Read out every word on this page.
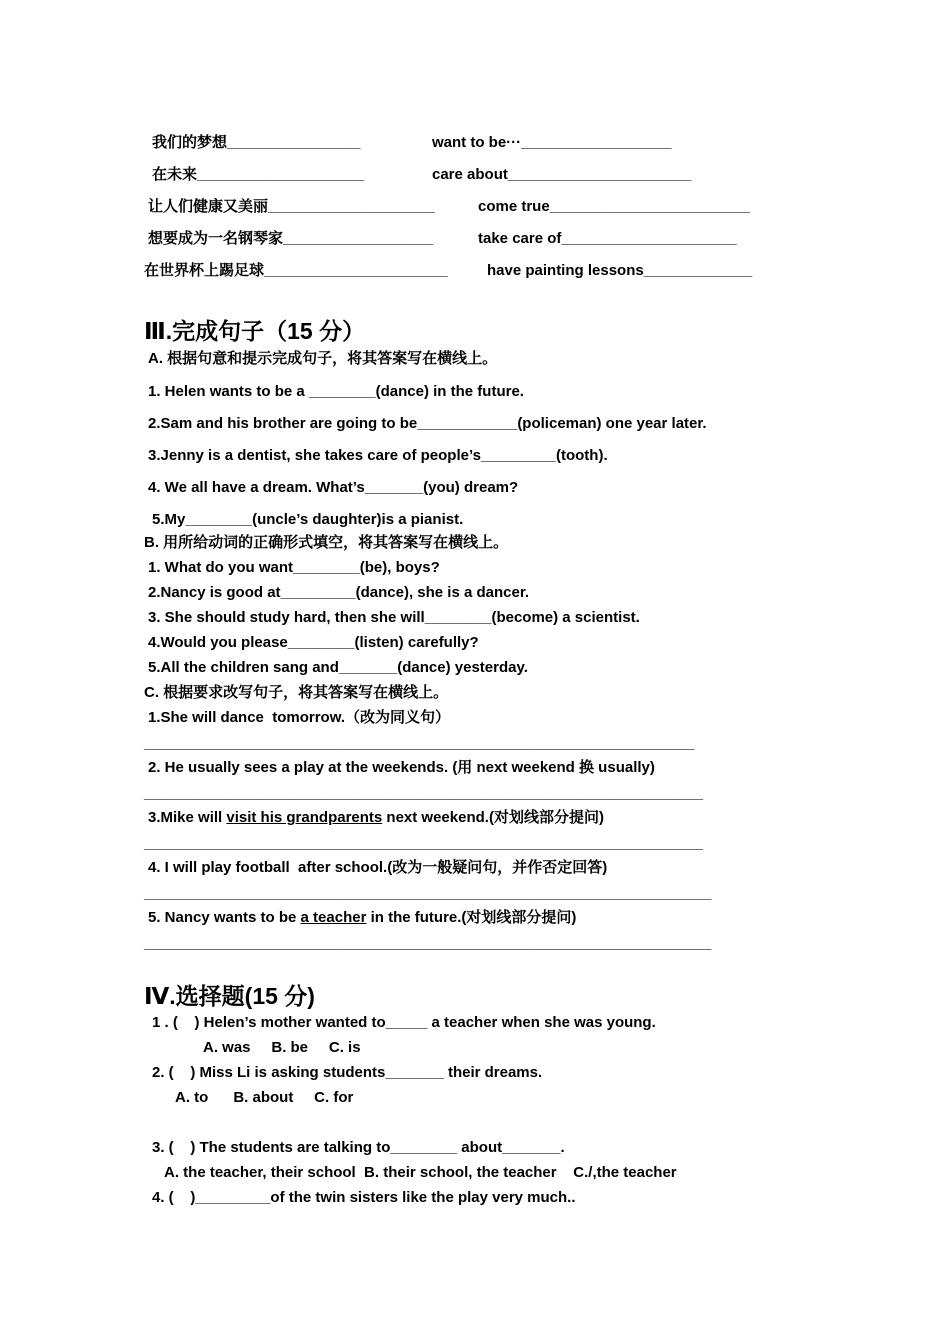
我们的梦想________________	want to be···__________________
在未来____________________	care about______________________
让人们健康又美丽____________________	come true________________________
想要成为一名钢琴家__________________	take care of_____________________
在世界杯上踢足球______________________	have painting lessons_____________
Ⅲ.完成句子（15 分）
A. 根据句意和提示完成句子，将其答案写在横线上。
1. Helen wants to be a ________(dance) in the future.
2.Sam and his brother are going to be____________(policeman) one year later.
3.Jenny is a dentist, she takes care of people’s_________(tooth).
4. We all have a dream. What’s_______(you) dream?
5.My________(uncle’s daughter)is a pianist.
B. 用所给动词的正确形式填空，将其答案写在横线上。
1. What do you want________(be), boys?
2.Nancy is good at_________(dance), she is a dancer.
3. She should study hard, then she will________(become) a scientist.
4.Would you please________(listen) carefully?
5.All the children sang and_______(dance) yesterday.
C. 根据要求改写句子，将其答案写在横线上。
1.She will dance  tomorrow.（改为同义句）
__________________________________________________________________
2. He usually sees a play at the weekends. (用 next weekend 换 usually)
___________________________________________________________________
3.Mike will visit his grandparents next weekend.(对划线部分提问)
___________________________________________________________________
4. I will play football  after school.(改为一般疑问句，并作否定回答)
____________________________________________________________________
5. Nancy wants to be a teacher in the future.(对划线部分提问)
____________________________________________________________________
Ⅳ.选择题(15 分)
1 . (    ) Helen’s mother wanted to_____ a teacher when she was young.
A. was     B. be     C. is
2. (    ) Miss Li is asking students_______ their dreams.
A. to      B. about     C. for
3. (    ) The students are talking to________ about_______.
A. the teacher, their school  B. their school, the teacher    C./,the teacher
4. (    )_________of the twin sisters like the play very much..
